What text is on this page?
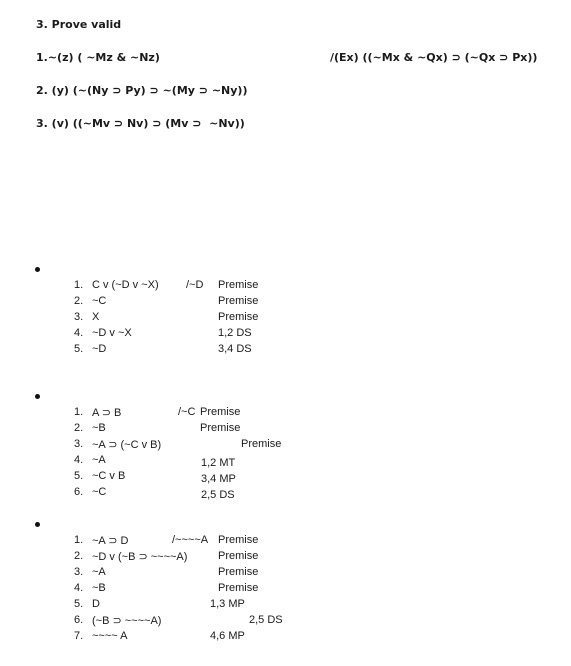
3. Prove valid
1.~(z) ( ~Mz & ~Nz)	/(Ex) ((~Mx & ~Qx) ⊃ (~Qx ⊃ Px))
2. (y) (~(Ny ⊃ Py) ⊃ ~(My ⊃ ~Ny))
3. (v) ((~Mv ⊃ Nv) ⊃ (Mv ⊃  ~Nv))
1. C v (~D v ~X) /~D Premise
2. ~C	Premise
3. X	Premise
4. ~D v ~X	1,2 DS
5. ~D	3,4 DS
1. A ⊃ B	/~C Premise
2. ~B	Premise
3. ~A ⊃ (~C v B)	Premise
4. ~A	1,2 MT
5. ~C v B	3,4 MP
6. ~C	2,5 DS
1. ~A ⊃ D	/~~~~A Premise
2. ~D v (~B ⊃ ~~~~A)	Premise
3. ~A	Premise
4. ~B	Premise
5. D	1,3 MP
6. (~B ⊃ ~~~~A)	2,5 DS
7. ~~~~ A	4,6 MP
